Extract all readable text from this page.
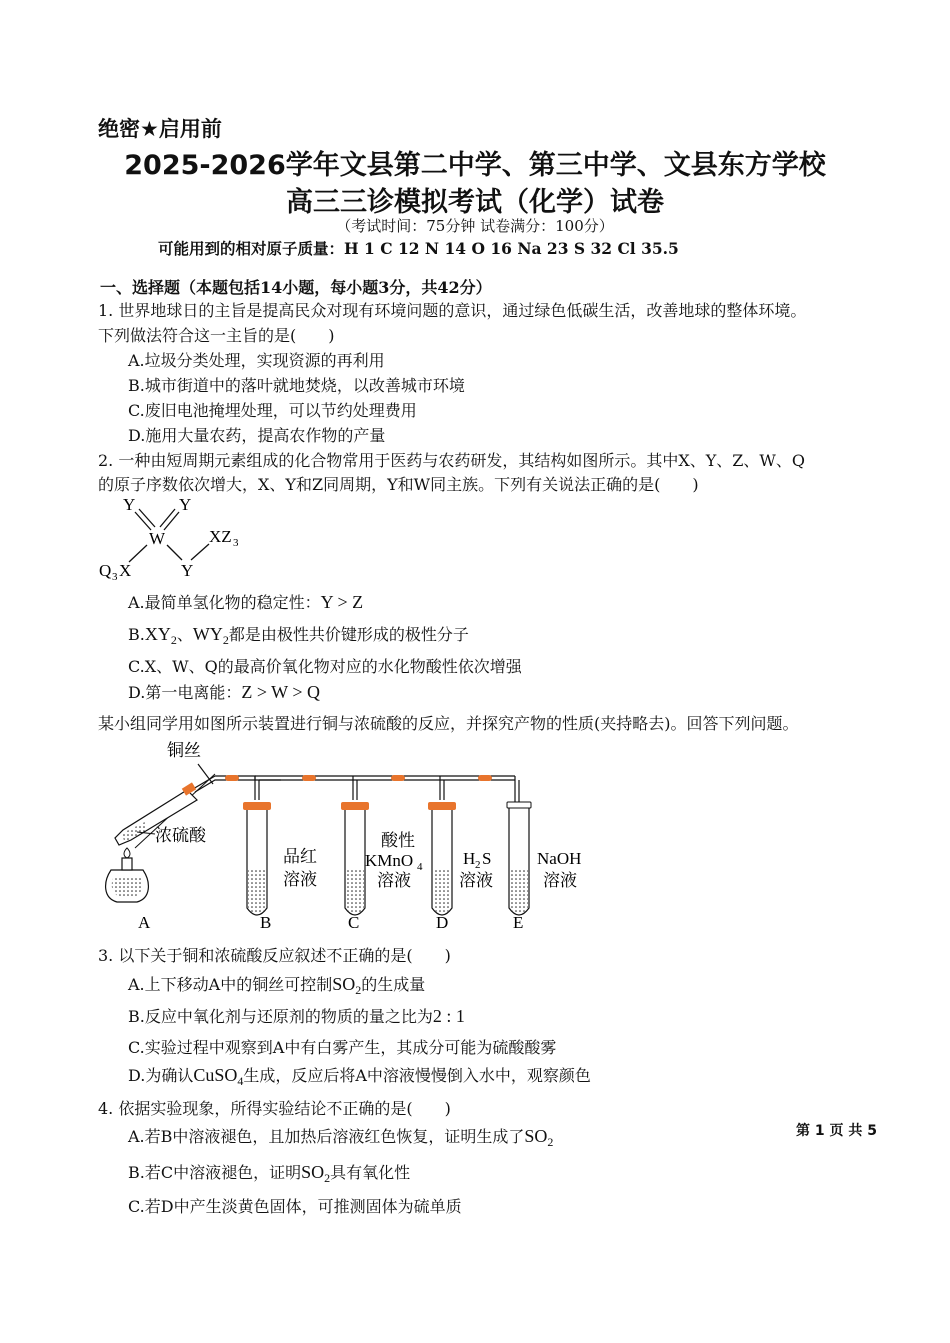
绝密★启用前
2025-2026学年文县第二中学、第三中学、文县东方学校
高三三诊模拟考试（化学）试卷
（考试时间：75分钟 试卷满分：100分）
可能用到的相对原子质量：H 1 C 12 N 14 O 16 Na 23 S 32 Cl 35.5
一、选择题（本题包括14小题，每小题3分，共42分）
1. 世界地球日的主旨是提高民众对现有环境问题的意识，通过绿色低碳生活，改善地球的整体环境。
下列做法符合这一主旨的是(　　)
A.垃圾分类处理，实现资源的再利用
B.城市街道中的落叶就地焚烧，以改善城市环境
C.废旧电池掩埋处理，可以节约处理费用
D.施用大量农药，提高农作物的产量
2. 一种由短周期元素组成的化合物常用于医药与农药研发，其结构如图所示。其中X、Y、Z、W、Q
的原子序数依次增大，X、Y和Z同周期，Y和W同主族。下列有关说法正确的是(　　)
Y	Y
W	XZ 3
Y
Q 3 X
A.最简单氢化物的稳定性：Y > Z
$B.XY_2$、$WY_2$都是由极性共价键形成的极性分子
C.X、W、Q的最高价氧化物对应的水化物酸性依次增强
D.第一电离能：Z > W > Q
某小组同学用如图所示装置进行铜与浓硫酸的反应，并探究产物的性质(夹持略去)。回答下列问题。
铜丝
浓硫酸
品红
溶液
酸性
KMnO 4
溶液
H 2 S
溶液
NaOH
溶液
A	B	C	D	E
3. 以下关于铜和浓硫酸反应叙述不正确的是(　　)
A.上下移动A中的铜丝可控制$SO_2$的生成量
B.反应中氧化剂与还原剂的物质的量之比为2 : 1
C.实验过程中观察到A中有白雾产生，其成分可能为硫酸酸雾
D.为确认CuSO$_4$生成，反应后将A中溶液慢慢倒入水中，观察颜色
4. 依据实验现象，所得实验结论不正确的是(　　)
A.若B中溶液褪色，且加热后溶液红色恢复，证明生成了$SO_2$
B.若C中溶液褪色，证明$SO_2$具有氧化性
C.若D中产生淡黄色固体，可推测固体为硫单质
第 1 页 共 5
